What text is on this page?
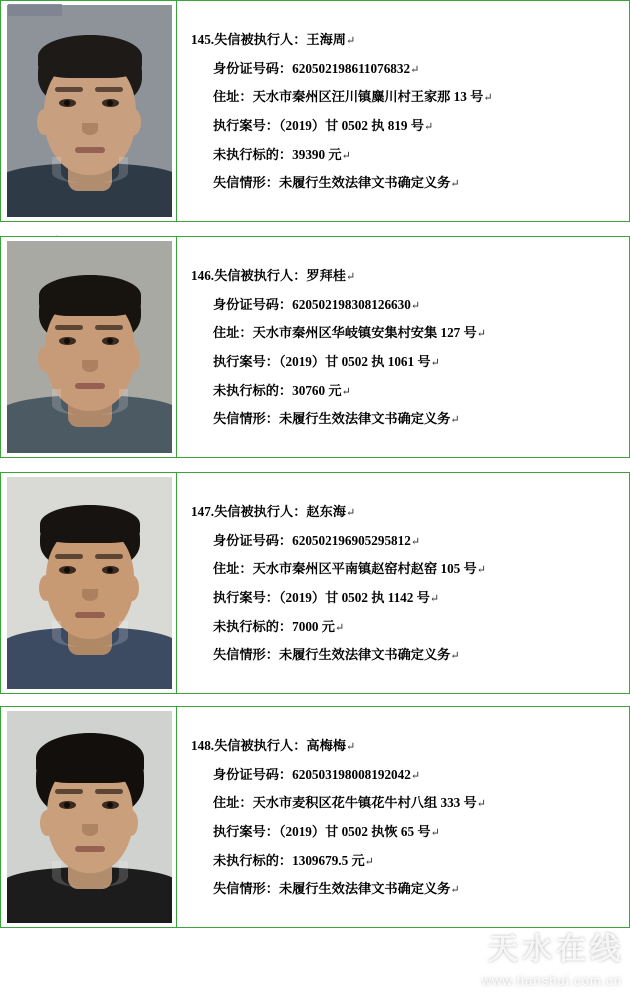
145.失信被执行人：王海周↵
身份证号码：620502198611076832↵
住址：天水市秦州区汪川镇麋川村王家那 13 号↵
执行案号：（2019）甘 0502 执 819 号↵
未执行标的：39390 元↵
失信情形：未履行生效法律文书确定义务↵
146.失信被执行人：罗拜桂↵
身份证号码：620502198308126630↵
住址：天水市秦州区华岐镇安集村安集 127 号↵
执行案号：（2019）甘 0502 执 1061 号↵
未执行标的：30760 元↵
失信情形：未履行生效法律文书确定义务↵
147.失信被执行人：赵东海↵
身份证号码：620502196905295812↵
住址：天水市秦州区平南镇赵窑村赵窑 105 号↵
执行案号：（2019）甘 0502 执 1142 号↵
未执行标的：7000 元↵
失信情形：未履行生效法律文书确定义务↵
148.失信被执行人：高梅梅↵
身份证号码：620503198008192042↵
住址：天水市麦积区花牛镇花牛村八组 333 号↵
执行案号：（2019）甘 0502 执恢 65 号↵
未执行标的：1309679.5 元↵
失信情形：未履行生效法律文书确定义务↵
天水在线
www.tianshui.com.cn
